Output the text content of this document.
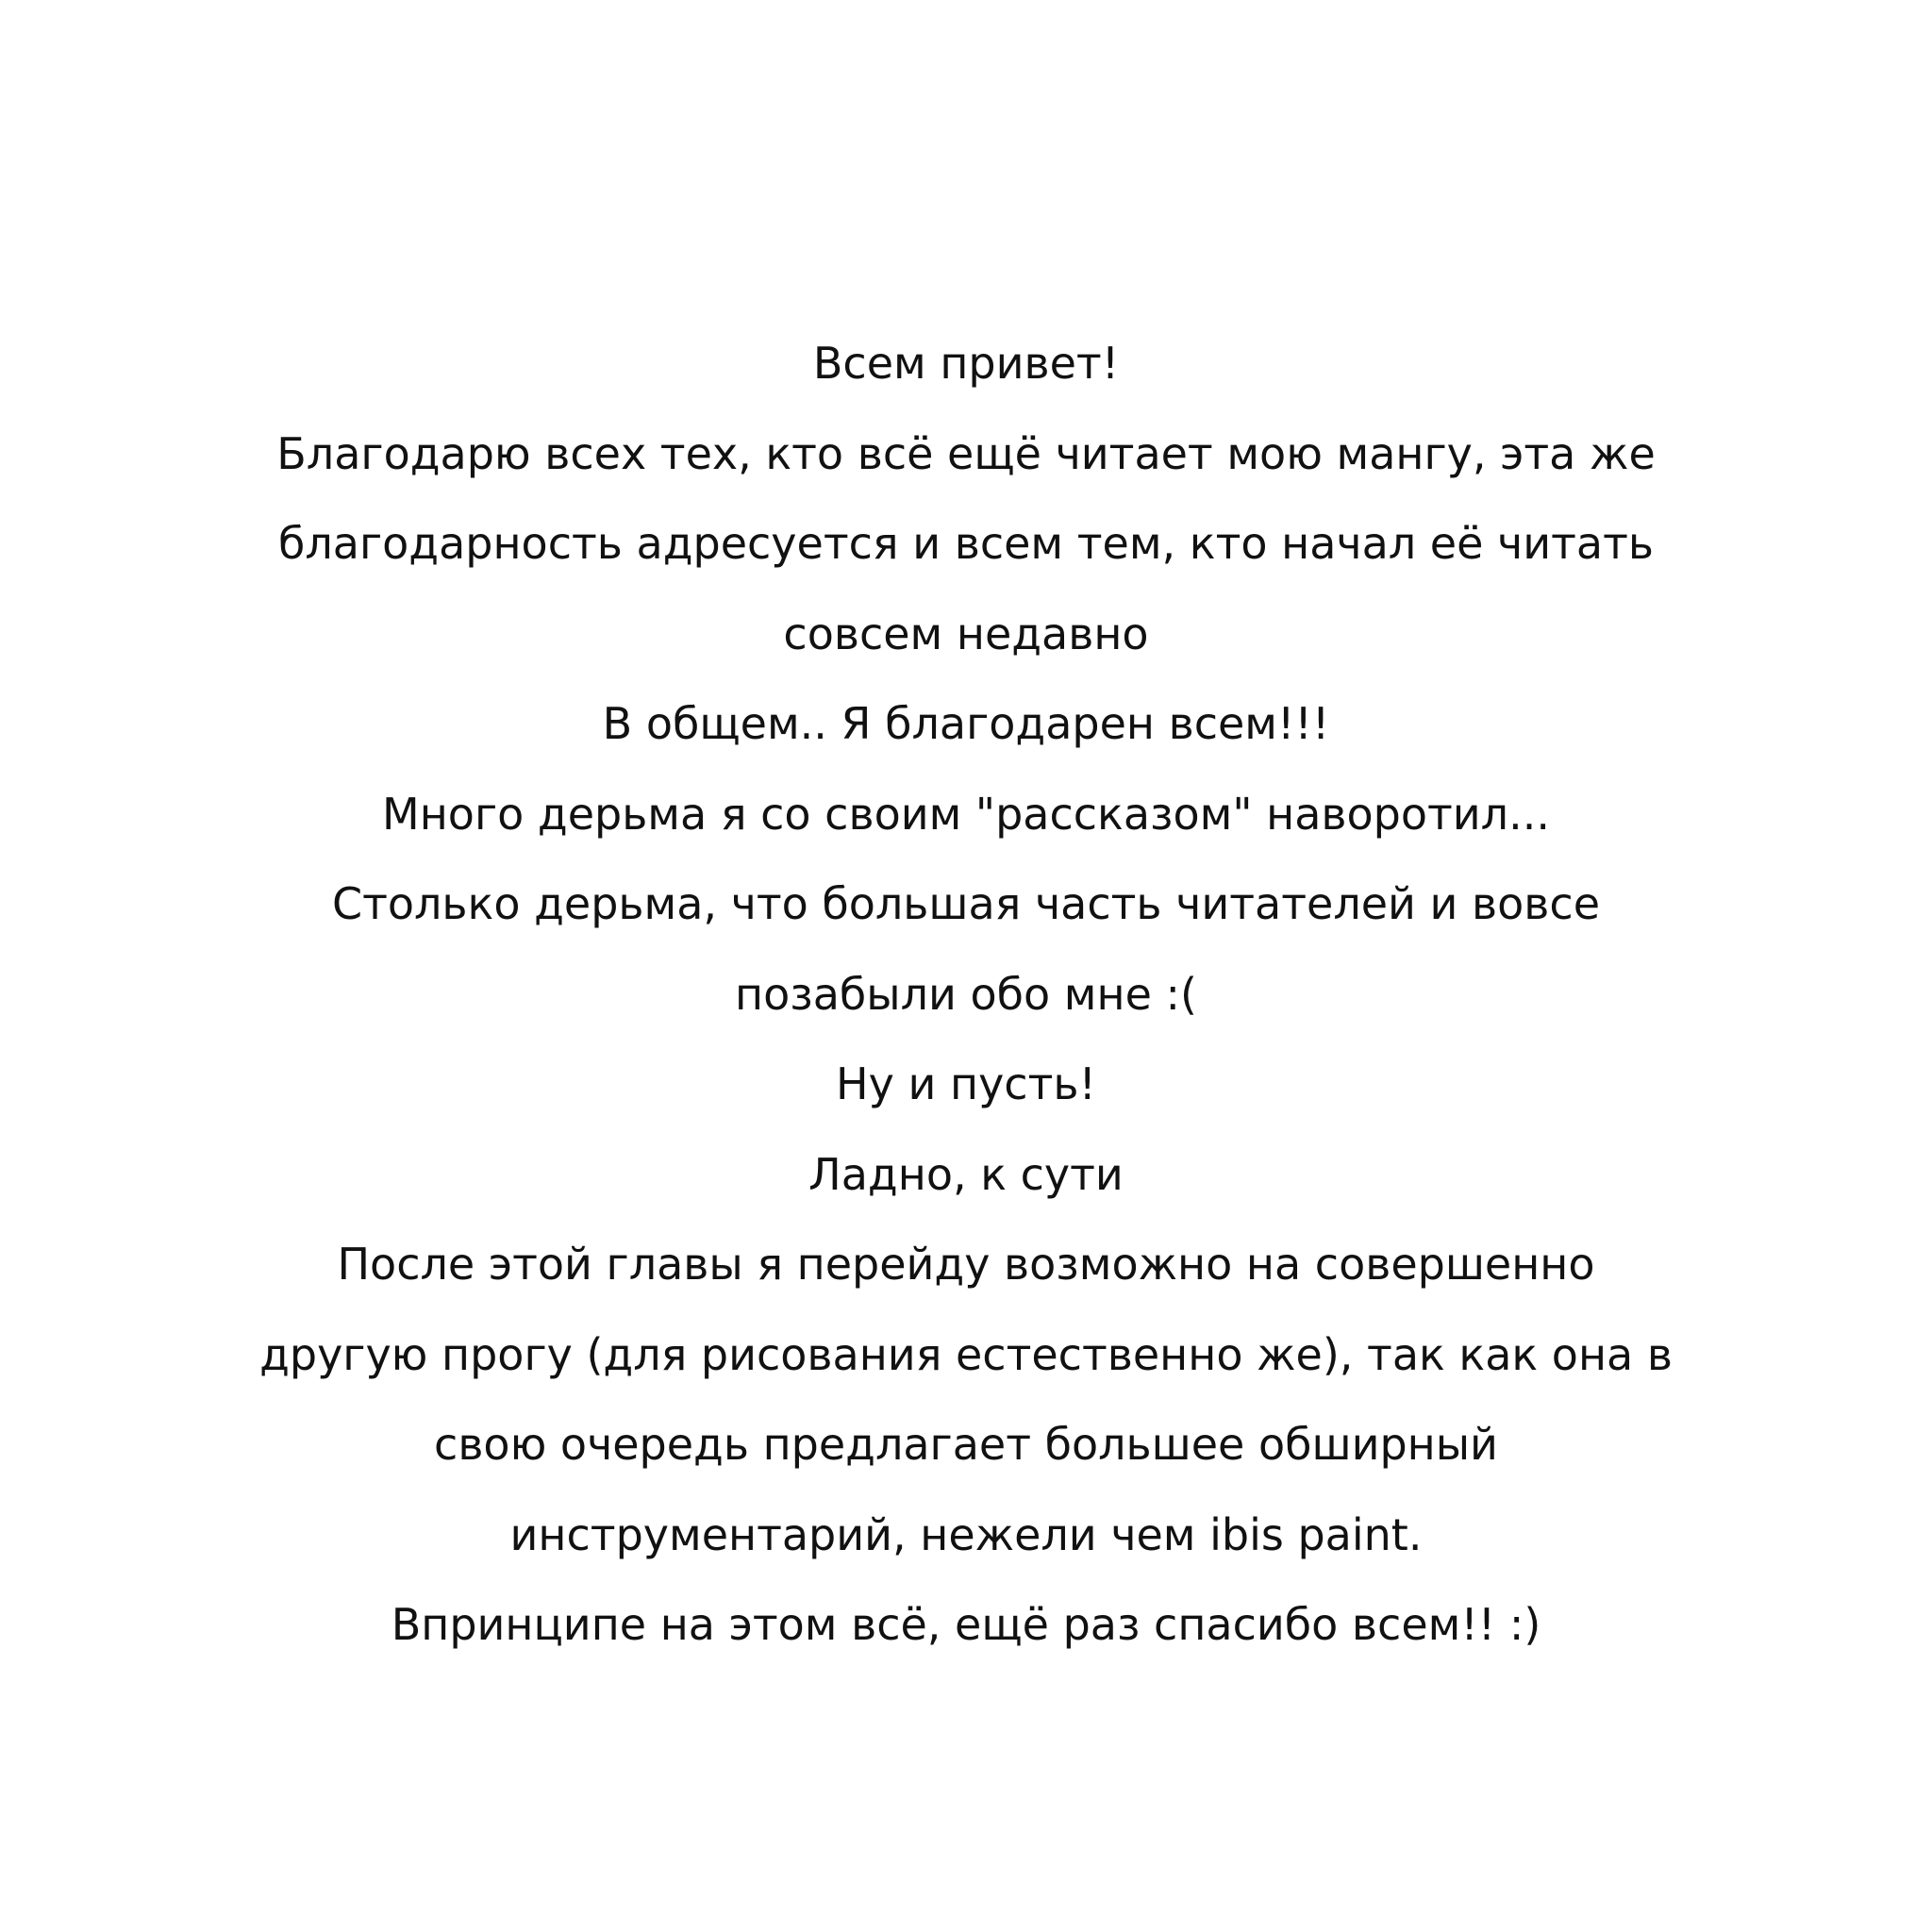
Всем привет!
Благодарю всех тех, кто всё ещё читает мою мангу, эта же
благодарность адресуется и всем тем, кто начал её читать
совсем недавно
В общем.. Я благодарен всем!!!
Много дерьма я со своим "рассказом" наворотил...
Столько дерьма, что большая часть читателей и вовсе
позабыли обо мне :(
Ну и пусть!
Ладно, к сути
После этой главы я перейду возможно на совершенно
другую прогу (для рисования естественно же), так как она в
свою очередь предлагает большее обширный
инструментарий, нежели чем ibis paint.
Впринципе на этом всё, ещё раз спасибо всем!! :)
